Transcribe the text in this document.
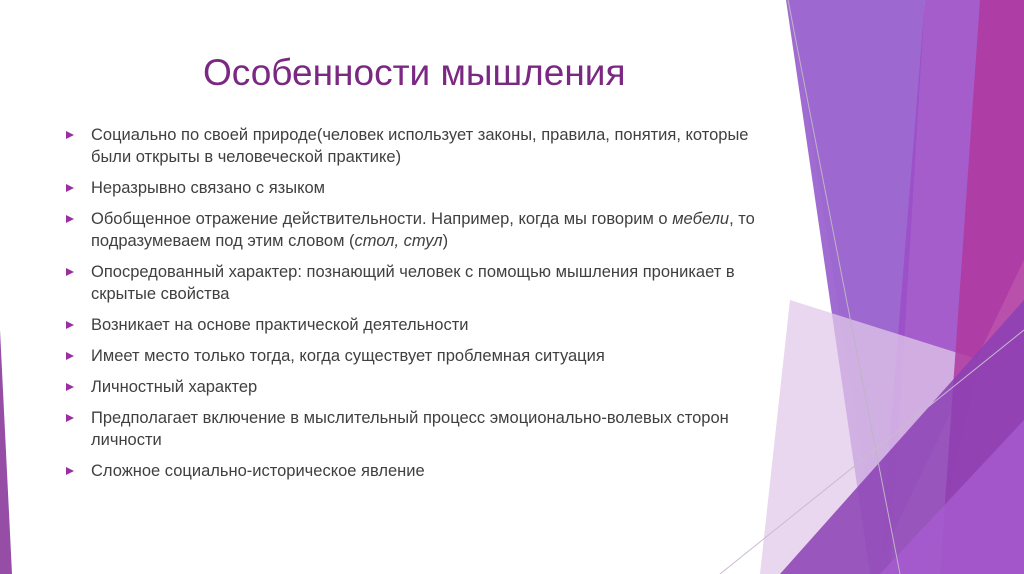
Особенности мышления
Социально по своей природе(человек использует законы, правила, понятия, которые были открыты в человеческой практике)
Неразрывно связано с языком
Обобщенное отражение действительности. Например, когда мы говорим о мебели, то подразумеваем под этим словом (стол, стул)
Опосредованный характер: познающий человек с помощью мышления проникает в скрытые свойства
Возникает на основе практической деятельности
Имеет место только тогда, когда существует проблемная ситуация
Личностный характер
Предполагает включение в мыслительный процесс эмоционально-волевых сторон личности
Сложное социально-историческое явление
